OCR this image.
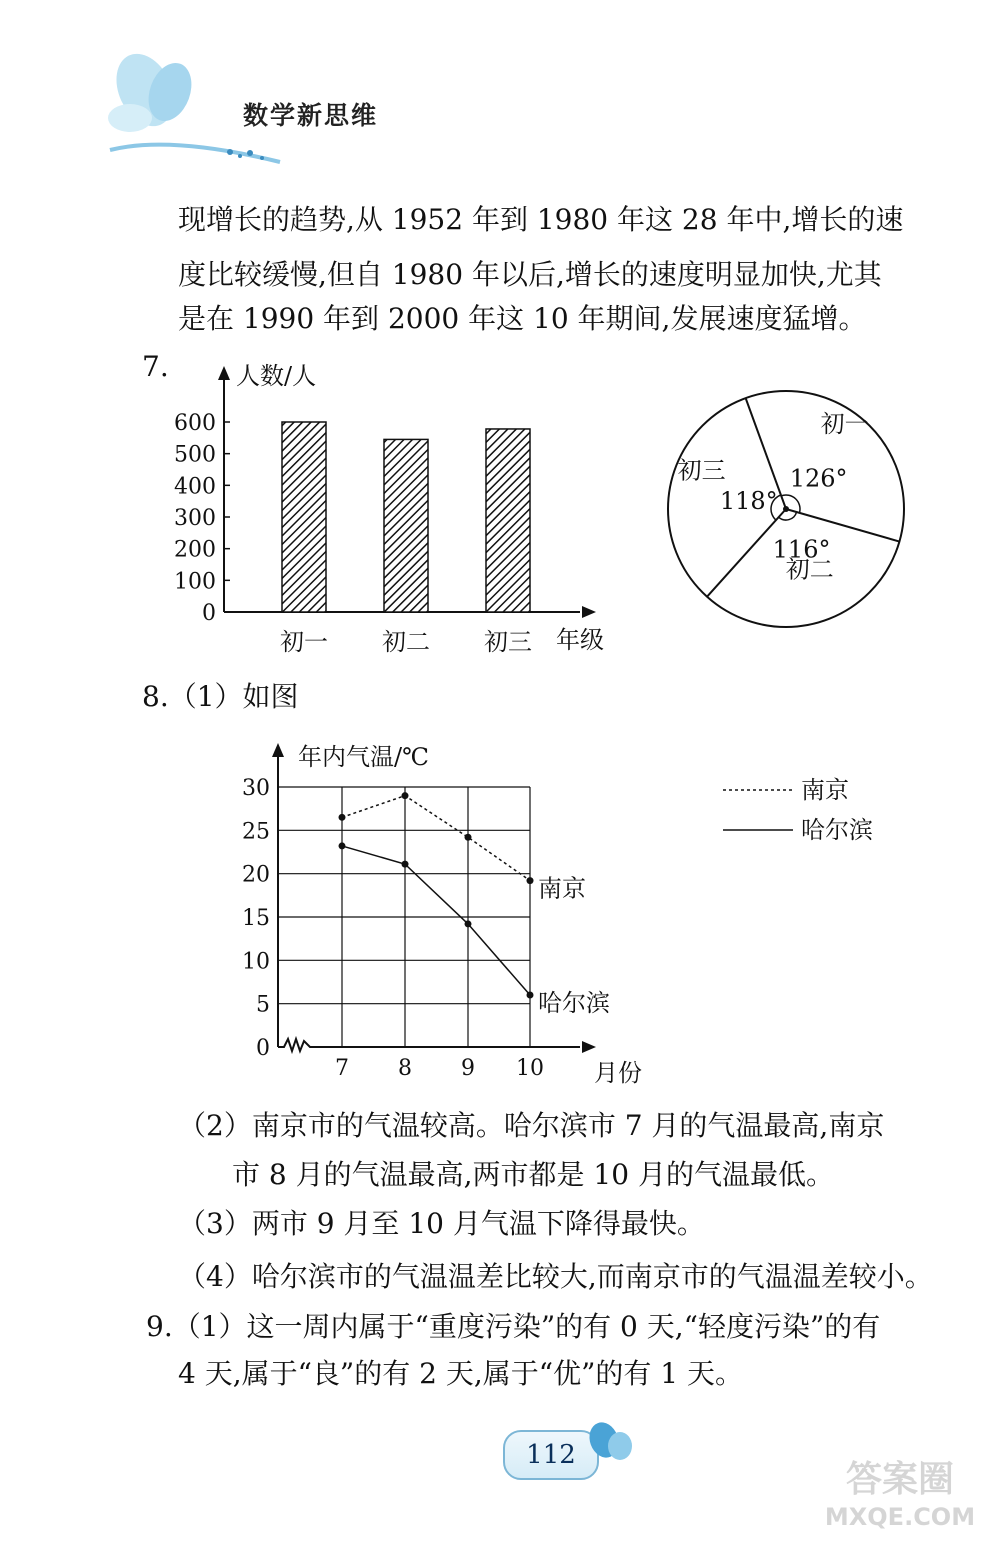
数学新思维
现增长的趋势,从 1952 年到 1980 年这 28 年中,增长的速
度比较缓慢,但自 1980 年以后,增长的速度明显加快,尤其
是在 1990 年到 2000 年这 10 年期间,发展速度猛增。
7.	人数/人
年级
0
100
200
300
400
500
600
初一 初二 初三
初一
126°
初二
116°
初三
118°
8.（1）如图
0
5
10
15
20
25
30
7 8 9 10
年内气温/℃
月份
南京
哈尔滨
南京
哈尔滨
（2）南京市的气温较高。哈尔滨市 7 月的气温最高,南京
市 8 月的气温最高,两市都是 10 月的气温最低。
（3）两市 9 月至 10 月气温下降得最快。
（4）哈尔滨市的气温温差比较大,而南京市的气温温差较小。
9.（1）这一周内属于“重度污染”的有 0 天,“轻度污染”的有
4 天,属于“良”的有 2 天,属于“优”的有 1 天。
112
答案圈
MXQE.COM
